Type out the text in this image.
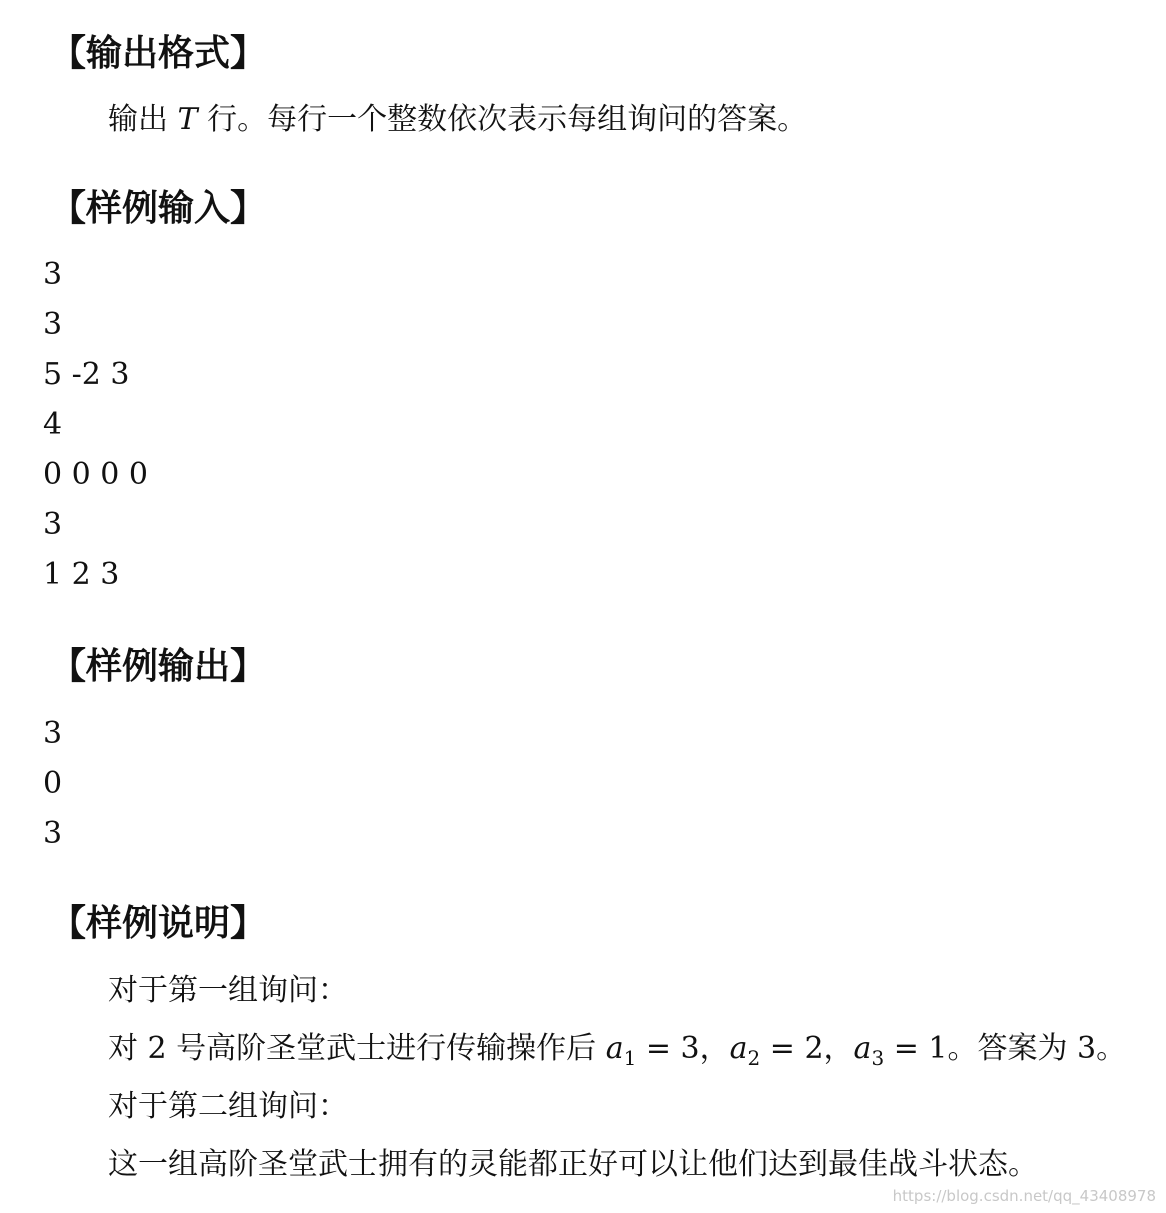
【输出格式】

输出 T 行。每行一个整数依次表示每组询问的答案。

【样例输入】

3

3

5 -2 3

4

0 0 0 0

3

1 2 3

【样例输出】

3

0

3

【样例说明】

对于第一组询问：

对 2 号高阶圣堂武士进行传输操作后 $a_1 = 3$，$a_2 = 2$，$a_3 = 1$。答案为 3。

对于第二组询问：

这一组高阶圣堂武士拥有的灵能都正好可以让他们达到最佳战斗状态。

https://blog.csdn.net/qq_43408978
